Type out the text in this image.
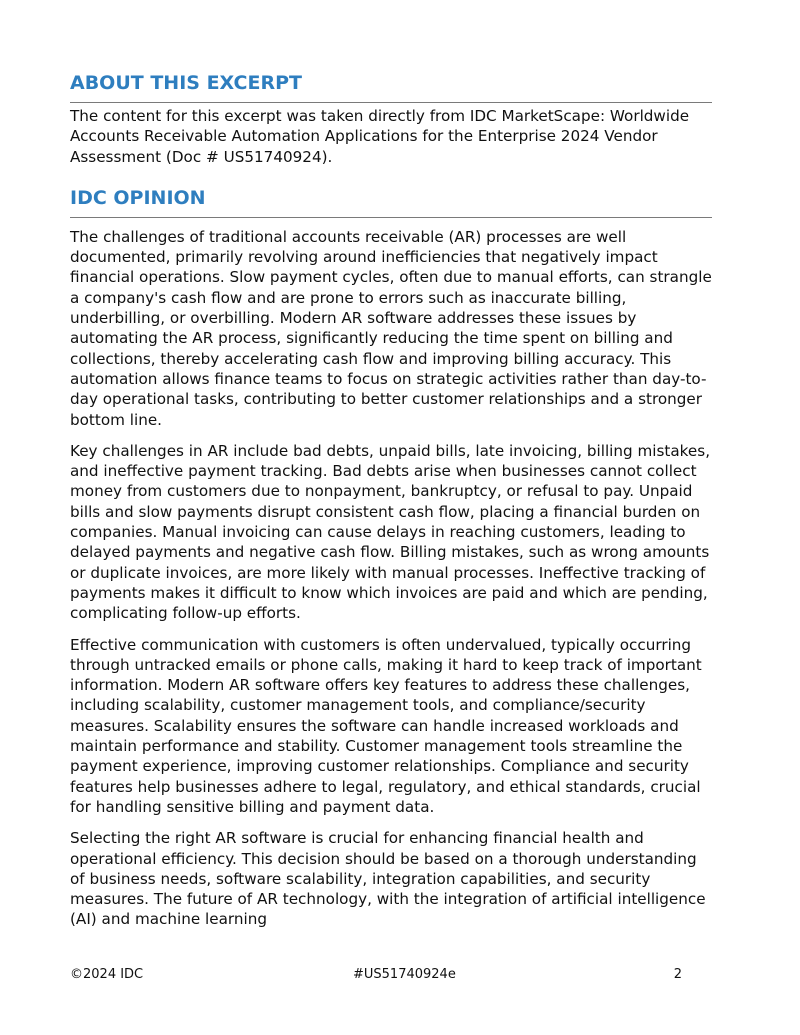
ABOUT THIS EXCERPT

The content for this excerpt was taken directly from IDC MarketScape: Worldwide Accounts Receivable Automation Applications for the Enterprise 2024 Vendor Assessment (Doc # US51740924).

IDC OPINION

The challenges of traditional accounts receivable (AR) processes are well documented, primarily revolving around inefficiencies that negatively impact financial operations. Slow payment cycles, often due to manual efforts, can strangle a company's cash flow and are prone to errors such as inaccurate billing, underbilling, or overbilling. Modern AR software addresses these issues by automating the AR process, significantly reducing the time spent on billing and collections, thereby accelerating cash flow and improving billing accuracy. This automation allows finance teams to focus on strategic activities rather than day-to-day operational tasks, contributing to better customer relationships and a stronger bottom line.

Key challenges in AR include bad debts, unpaid bills, late invoicing, billing mistakes, and ineffective payment tracking. Bad debts arise when businesses cannot collect money from customers due to nonpayment, bankruptcy, or refusal to pay. Unpaid bills and slow payments disrupt consistent cash flow, placing a financial burden on companies. Manual invoicing can cause delays in reaching customers, leading to delayed payments and negative cash flow. Billing mistakes, such as wrong amounts or duplicate invoices, are more likely with manual processes. Ineffective tracking of payments makes it difficult to know which invoices are paid and which are pending, complicating follow-up efforts.

Effective communication with customers is often undervalued, typically occurring through untracked emails or phone calls, making it hard to keep track of important information. Modern AR software offers key features to address these challenges, including scalability, customer management tools, and compliance/security measures. Scalability ensures the software can handle increased workloads and maintain performance and stability. Customer management tools streamline the payment experience, improving customer relationships. Compliance and security features help businesses adhere to legal, regulatory, and ethical standards, crucial for handling sensitive billing and payment data.

Selecting the right AR software is crucial for enhancing financial health and operational efficiency. This decision should be based on a thorough understanding of business needs, software scalability, integration capabilities, and security measures. The future of AR technology, with the integration of artificial intelligence (AI) and machine learning

©2024 IDC	#US51740924e	2
